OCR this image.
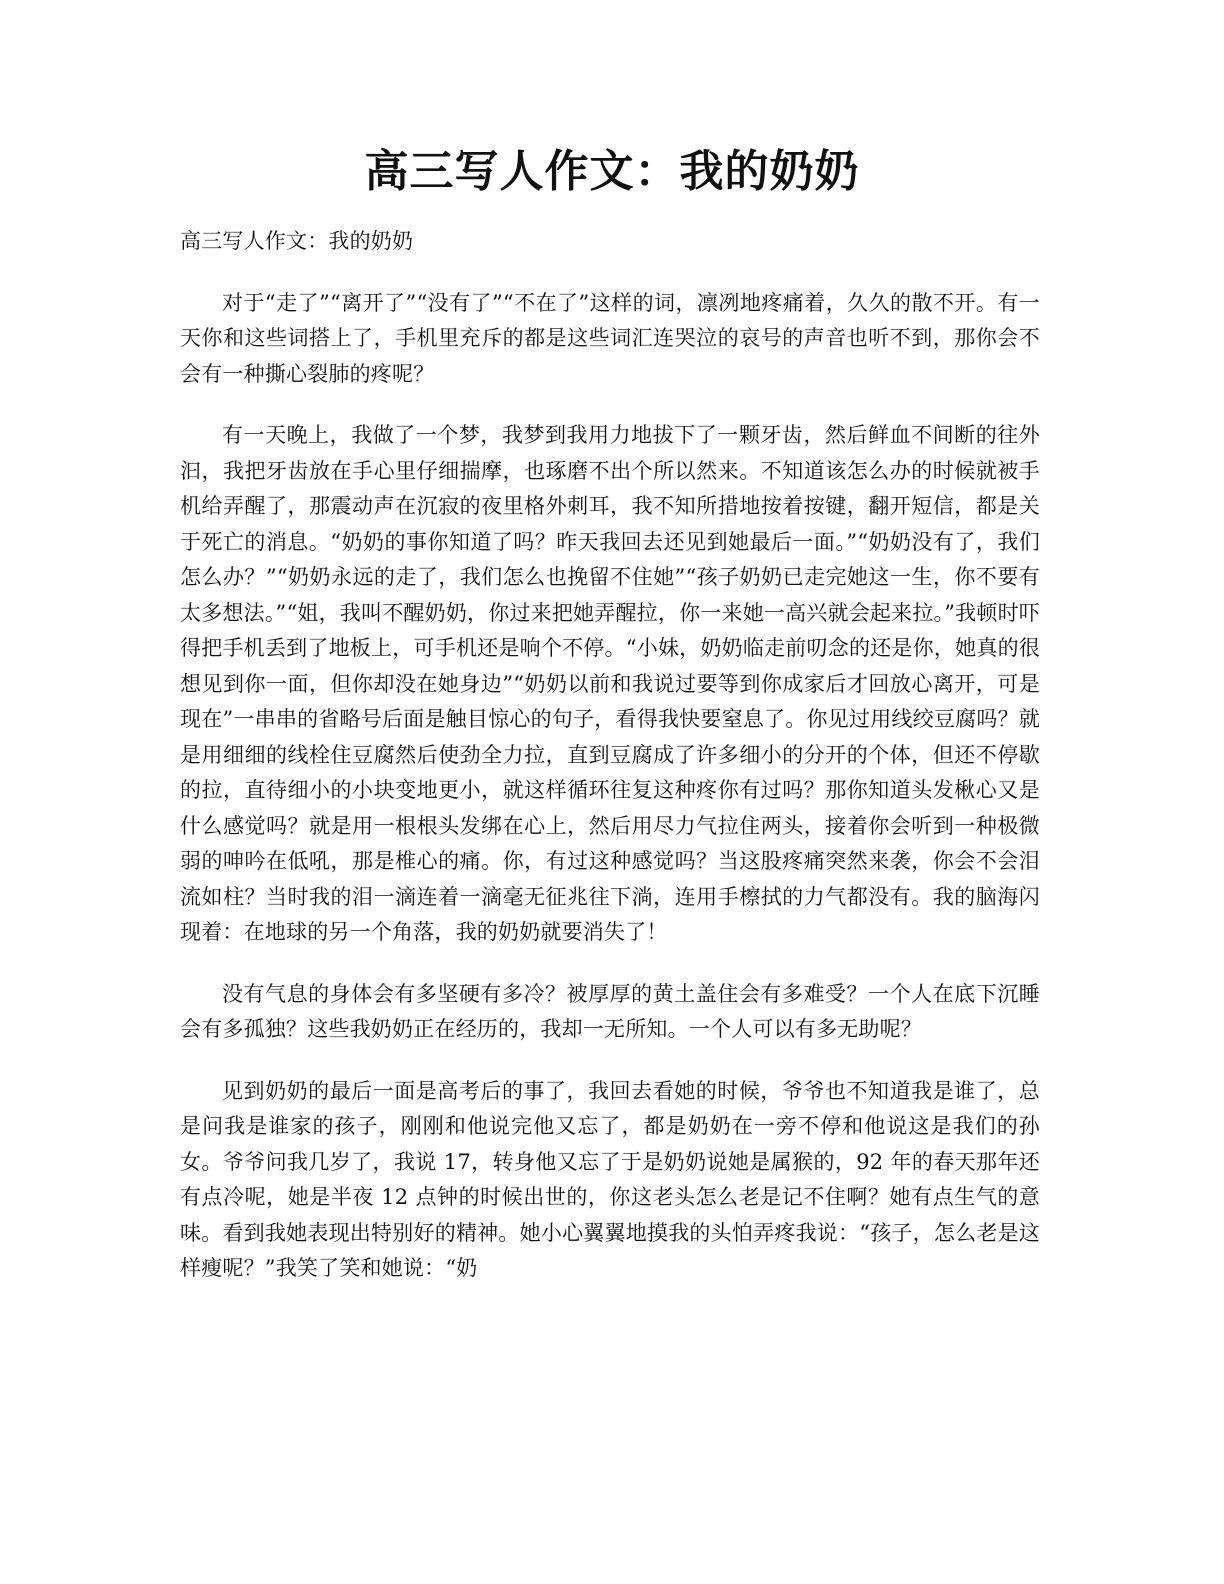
高三写人作文：我的奶奶

高三写人作文：我的奶奶

对于“走了”“离开了”“没有了”“不在了”这样的词，凛冽地疼痛着，久久的散不开。有一天你和这些词搭上了，手机里充斥的都是这些词汇连哭泣的哀号的声音也听不到，那你会不会有一种撕心裂肺的疼呢？

有一天晚上，我做了一个梦，我梦到我用力地拔下了一颗牙齿，然后鲜血不间断的往外汩，我把牙齿放在手心里仔细揣摩，也琢磨不出个所以然来。不知道该怎么办的时候就被手机给弄醒了，那震动声在沉寂的夜里格外刺耳，我不知所措地按着按键，翻开短信，都是关于死亡的消息。“奶奶的事你知道了吗？昨天我回去还见到她最后一面。”“奶奶没有了，我们怎么办？”“奶奶永远的走了，我们怎么也挽留不住她”“孩子奶奶已走完她这一生，你不要有太多想法。”“姐，我叫不醒奶奶，你过来把她弄醒拉，你一来她一高兴就会起来拉。”我顿时吓得把手机丢到了地板上，可手机还是响个不停。“小妹，奶奶临走前叨念的还是你，她真的很想见到你一面，但你却没在她身边”“奶奶以前和我说过要等到你成家后才回放心离开，可是现在”一串串的省略号后面是触目惊心的句子，看得我快要窒息了。你见过用线绞豆腐吗？就是用细细的线栓住豆腐然后使劲全力拉，直到豆腐成了许多细小的分开的个体，但还不停歇的拉，直待细小的小块变地更小，就这样循环往复这种疼你有过吗？那你知道头发楸心又是什么感觉吗？就是用一根根头发绑在心上，然后用尽力气拉住两头，接着你会听到一种极微弱的呻吟在低吼，那是椎心的痛。你，有过这种感觉吗？当这股疼痛突然来袭，你会不会泪流如柱？当时我的泪一滴连着一滴毫无征兆往下淌，连用手檫拭的力气都没有。我的脑海闪现着：在地球的另一个角落，我的奶奶就要消失了！

没有气息的身体会有多坚硬有多冷？被厚厚的黄土盖住会有多难受？一个人在底下沉睡会有多孤独？这些我奶奶正在经历的，我却一无所知。一个人可以有多无助呢？

见到奶奶的最后一面是高考后的事了，我回去看她的时候，爷爷也不知道我是谁了，总是问我是谁家的孩子，刚刚和他说完他又忘了，都是奶奶在一旁不停和他说这是我们的孙女。爷爷问我几岁了，我说 17，转身他又忘了于是奶奶说她是属猴的，92 年的春天那年还有点冷呢，她是半夜 12 点钟的时候出世的，你这老头怎么老是记不住啊？她有点生气的意味。看到我她表现出特别好的精神。她小心翼翼地摸我的头怕弄疼我说：“孩子，怎么老是这样瘦呢？”我笑了笑和她说：“奶
